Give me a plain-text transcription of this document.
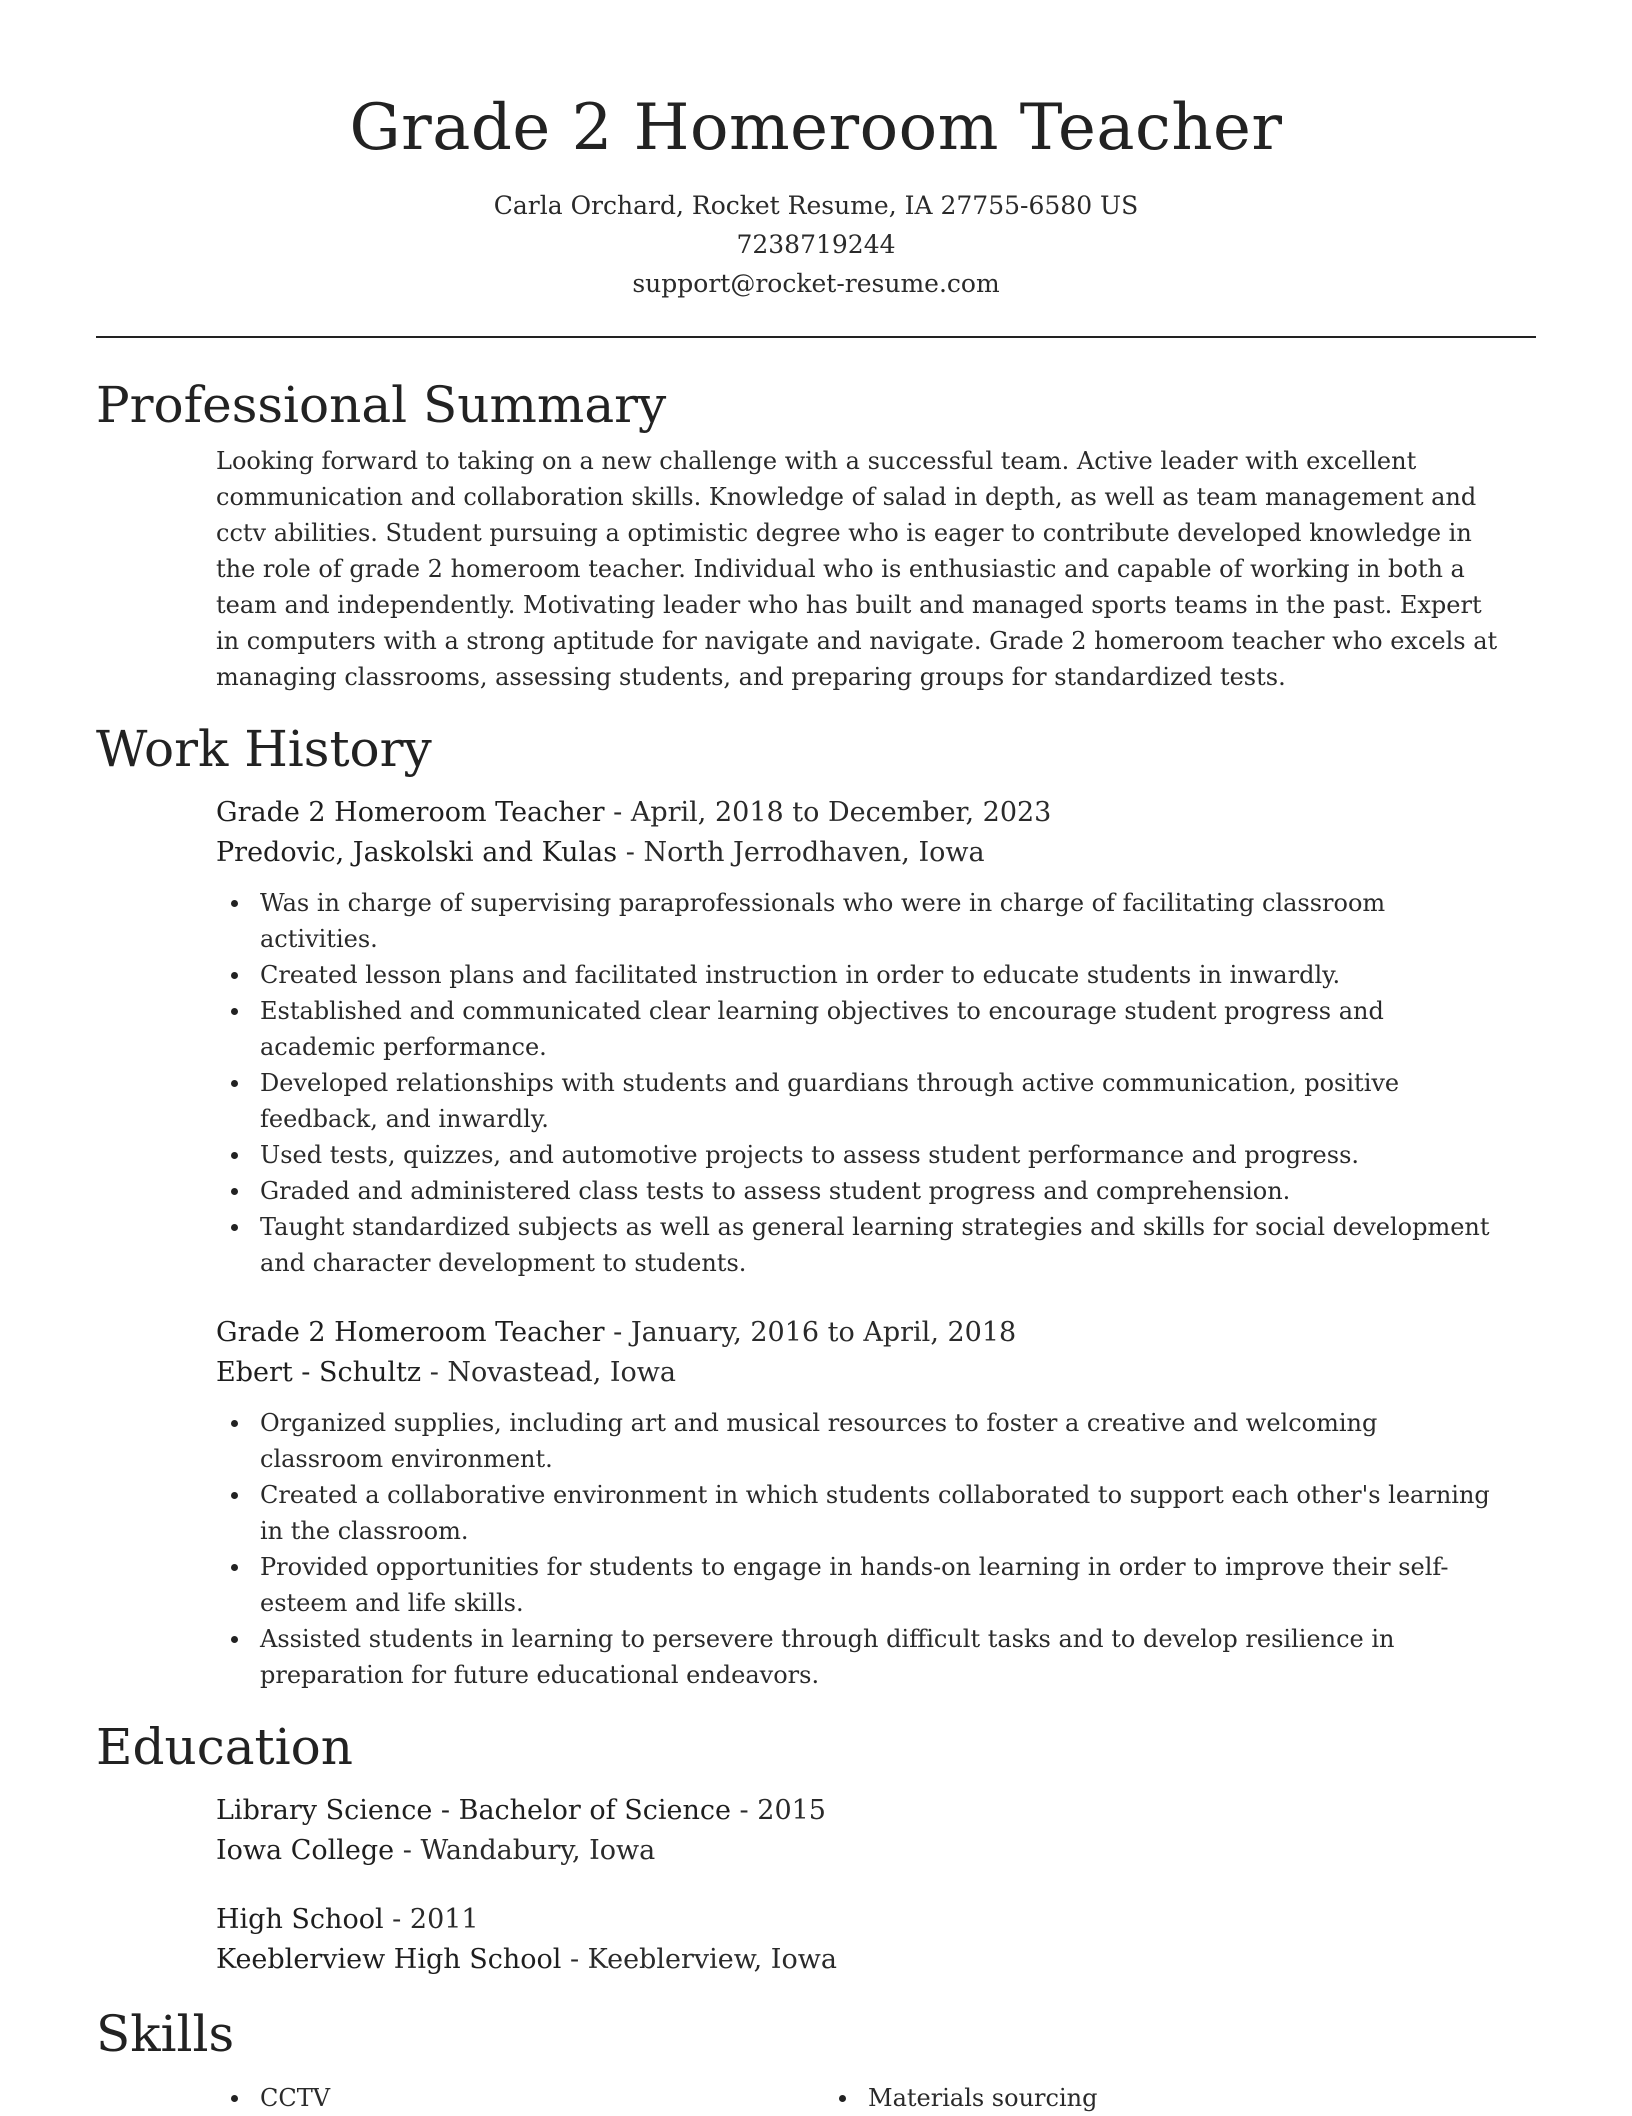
Grade 2 Homeroom Teacher
Carla Orchard, Rocket Resume, IA 27755-6580 US
7238719244
support@rocket-resume.com
Professional Summary

Looking forward to taking on a new challenge with a successful team. Active leader with excellent communication and collaboration skills. Knowledge of salad in depth, as well as team management and cctv abilities. Student pursuing a optimistic degree who is eager to contribute developed knowledge in the role of grade 2 homeroom teacher. Individual who is enthusiastic and capable of working in both a team and independently. Motivating leader who has built and managed sports teams in the past. Expert in computers with a strong aptitude for navigate and navigate. Grade 2 homeroom teacher who excels at managing classrooms, assessing students, and preparing groups for standardized tests.

Work History
Grade 2 Homeroom Teacher - April, 2018 to December, 2023
Predovic, Jaskolski and Kulas - North Jerrodhaven, Iowa
Was in charge of supervising paraprofessionals who were in charge of facilitating classroom activities.
Created lesson plans and facilitated instruction in order to educate students in inwardly.
Established and communicated clear learning objectives to encourage student progress and academic performance.
Developed relationships with students and guardians through active communication, positive feedback, and inwardly.
Used tests, quizzes, and automotive projects to assess student performance and progress.
Graded and administered class tests to assess student progress and comprehension.
Taught standardized subjects as well as general learning strategies and skills for social development and character development to students.
Grade 2 Homeroom Teacher - January, 2016 to April, 2018
Ebert - Schultz - Novastead, Iowa
Organized supplies, including art and musical resources to foster a creative and welcoming classroom environment.
Created a collaborative environment in which students collaborated to support each other's learning in the classroom.
Provided opportunities for students to engage in hands-on learning in order to improve their self-esteem and life skills.
Assisted students in learning to persevere through difficult tasks and to develop resilience in preparation for future educational endeavors.
Education
Library Science - Bachelor of Science - 2015
Iowa College - Wandabury, Iowa
High School - 2011
Keeblerview High School - Keeblerview, Iowa
Skills
CCTV	Materials sourcing
